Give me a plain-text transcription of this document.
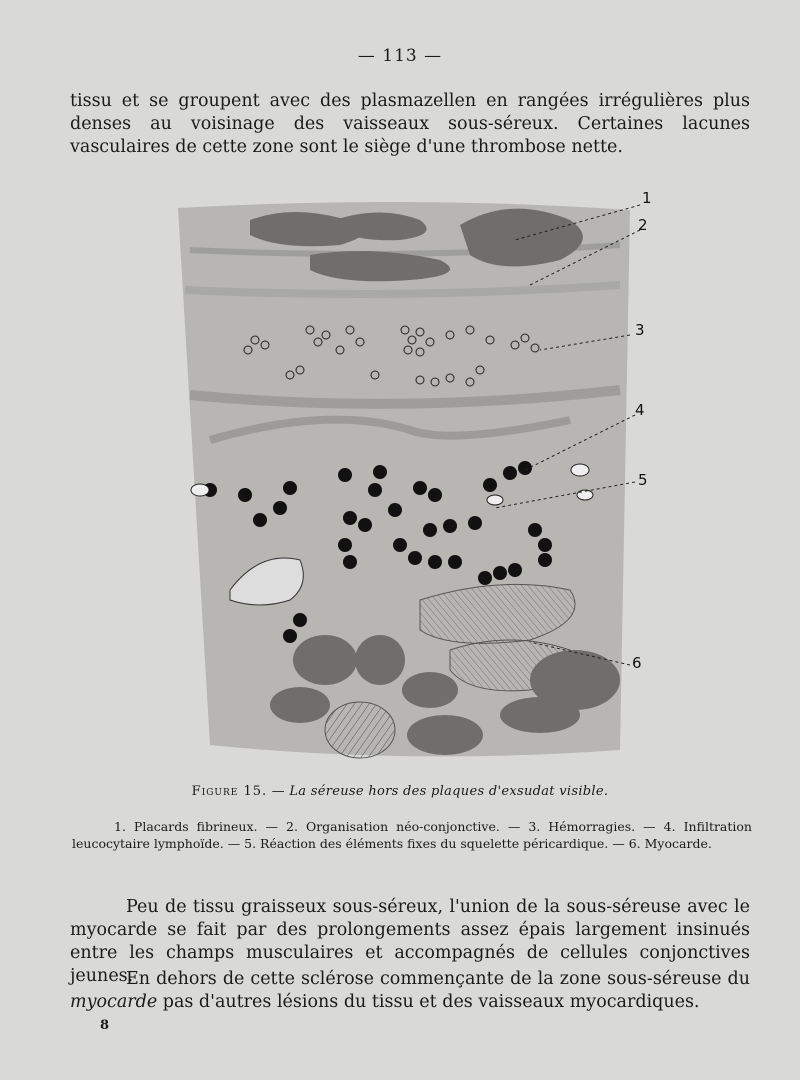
— 113 —

tissu et se groupent avec des plasmazellen en rangées irrégulières plus denses au voisinage des vaisseaux sous-séreux. Certaines lacunes vasculaires de cette zone sont le siège d'une thrombose nette.

1
2
3
4
5
6
Figure 15. — La séreuse hors des plaques d'exsudat visible.

1. Placards fibrineux. — 2. Organisation néo-conjonctive. — 3. Hémorragies. — 4. Infiltration leucocytaire lymphoïde. — 5. Réaction des éléments fixes du squelette péricardique. — 6. Myocarde.

Peu de tissu graisseux sous-séreux, l'union de la sous-séreuse avec le myocarde se fait par des prolongements assez épais largement insinués entre les champs musculaires et accompagnés de cellules conjonctives jeunes.

En dehors de cette sclérose commençante de la zone sous-séreuse du myocarde pas d'autres lésions du tissu et des vaisseaux myocardiques.

8
